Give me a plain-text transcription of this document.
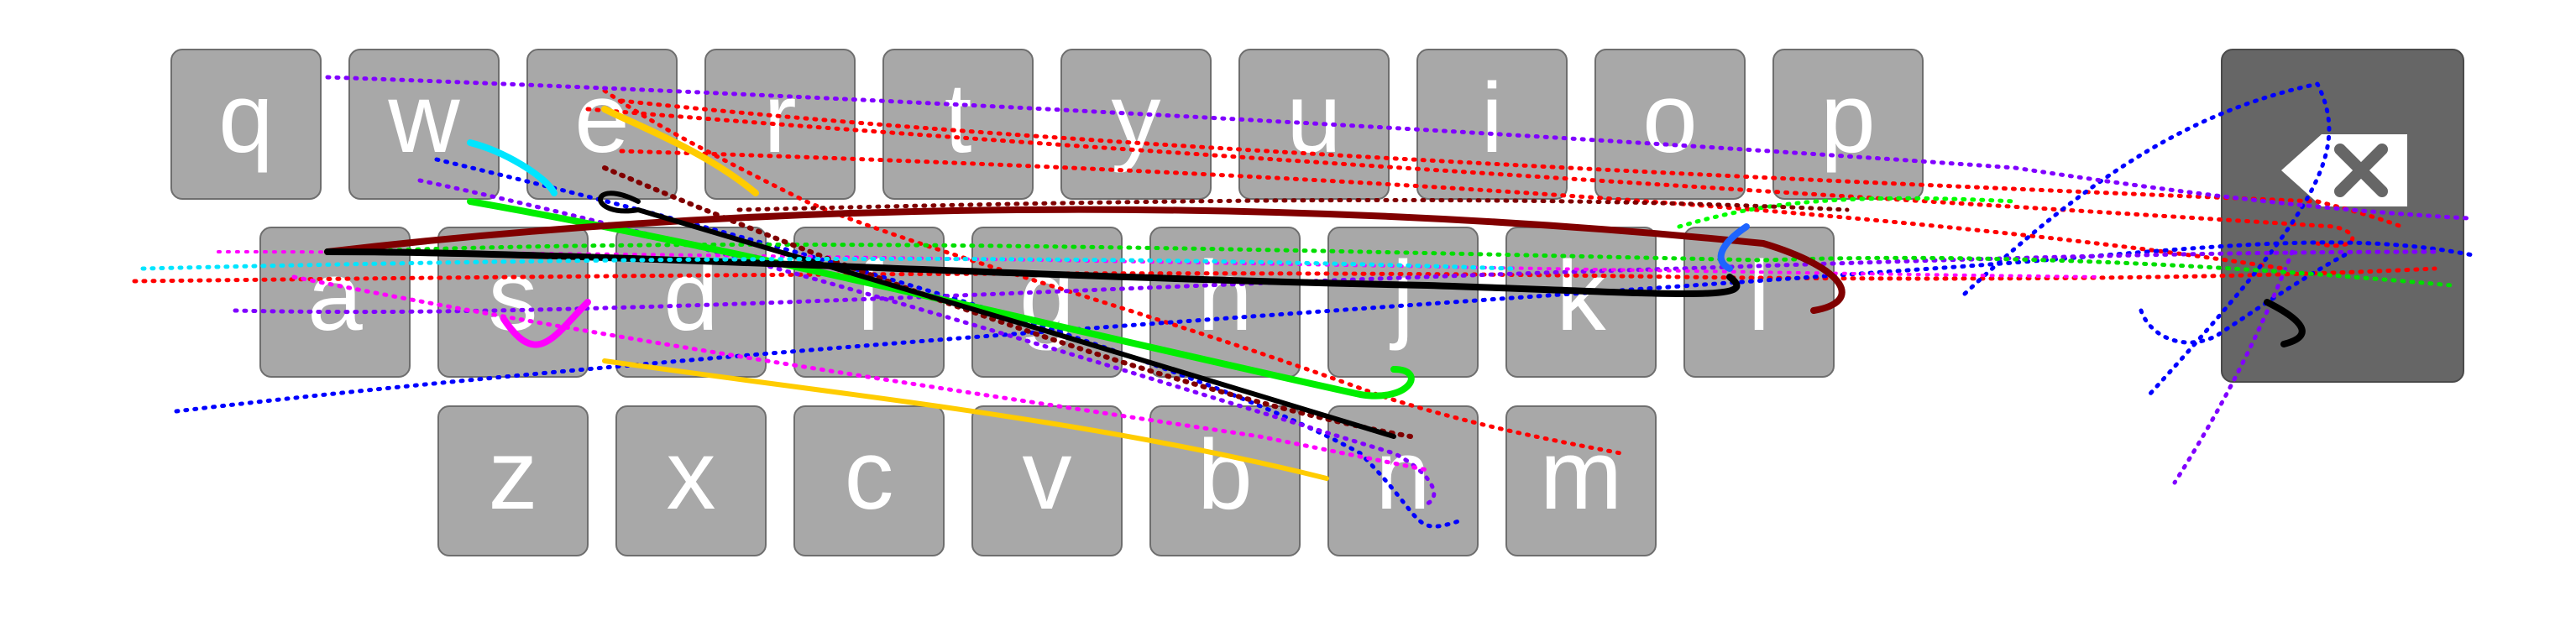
q w e r t y u i o p
a s d f g h j k l
z x c v b n m
